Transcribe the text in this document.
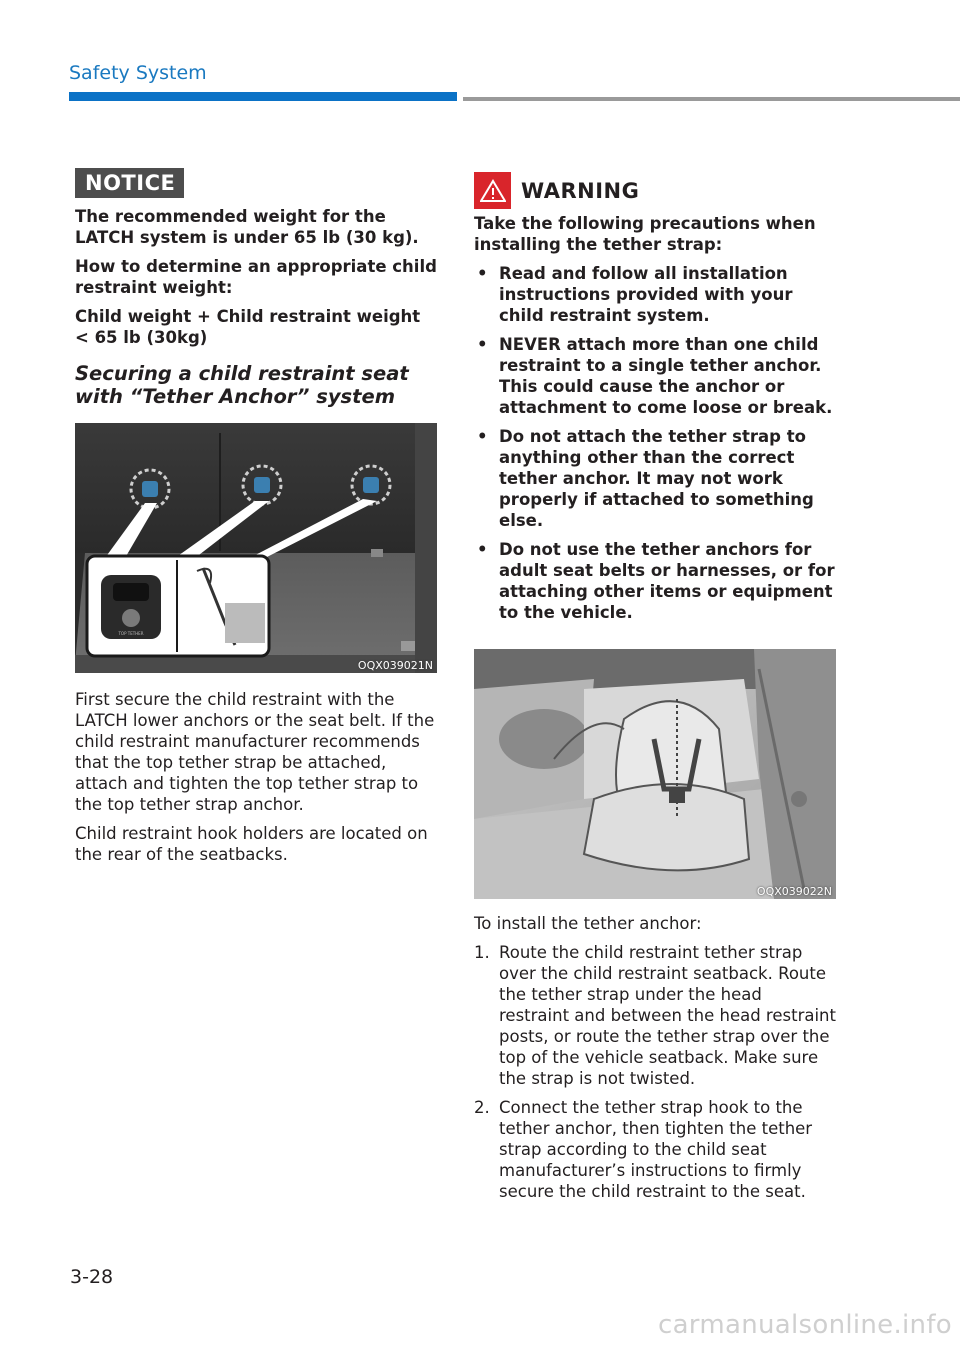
Safety System
NOTICE

The recommended weight for the LATCH system is under 65 lb (30 kg).

How to determine an appropriate child restraint weight:

Child weight + Child restraint weight < 65 lb (30kg)

Securing a child restraint seat with “Tether Anchor” system
TOP TETHER
OQX039021N

First secure the child restraint with the LATCH lower anchors or the seat belt. If the child restraint manufacturer recommends that the top tether strap be attached, attach and tighten the top tether strap to the top tether strap anchor.

Child restraint hook holders are located on the rear of the seatbacks.

WARNING

Take the following precautions when installing the tether strap:

• Read and follow all installation instructions provided with your child restraint system.
• NEVER attach more than one child restraint to a single tether anchor. This could cause the anchor or attachment to come loose or break.
• Do not attach the tether strap to anything other than the correct tether anchor. It may not work properly if attached to something else.
• Do not use the tether anchors for adult seat belts or harnesses, or for attaching other items or equipment to the vehicle.
OQX039022N

To install the tether anchor:

1. Route the child restraint tether strap over the child restraint seatback. Route the tether strap under the head restraint and between the head restraint posts, or route the tether strap over the top of the vehicle seatback. Make sure the strap is not twisted.
2. Connect the tether strap hook to the tether anchor, then tighten the tether strap according to the child seat manufacturer’s instructions to firmly secure the child restraint to the seat.
3-28
carmanualsonline.info
